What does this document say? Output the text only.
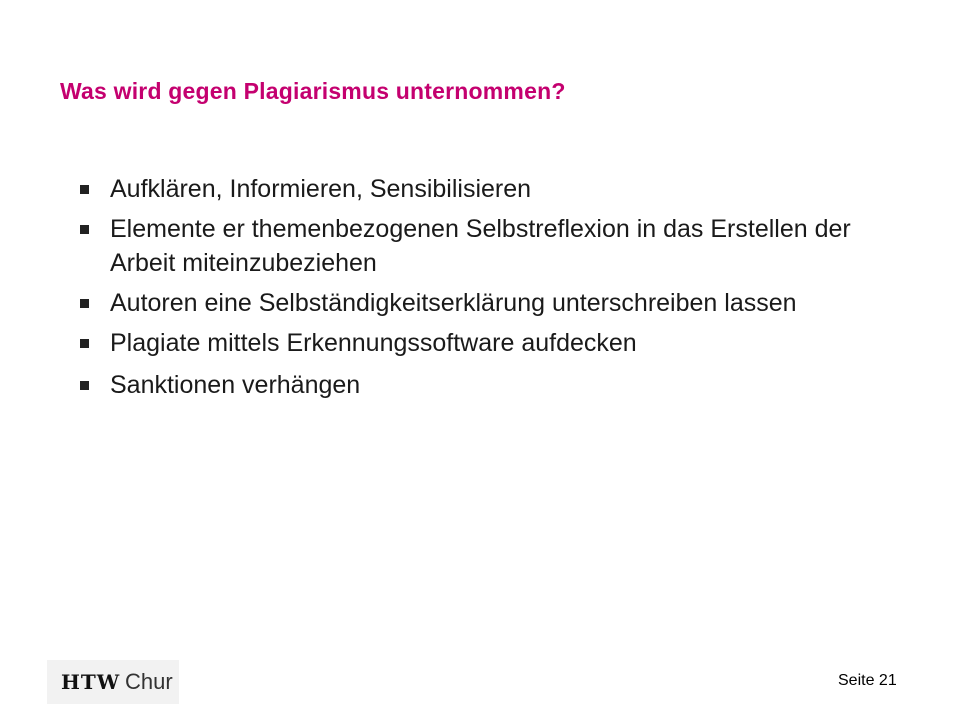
Was wird gegen Plagiarismus unternommen?
Aufklären, Informieren, Sensibilisieren
Elemente er themenbezogenen Selbstreflexion in das Erstellen der Arbeit miteinzubeziehen
Autoren eine Selbständigkeitserklärung unterschreiben lassen
Plagiate mittels Erkennungssoftware aufdecken
Sanktionen verhängen
HTW Chur	Seite 21
